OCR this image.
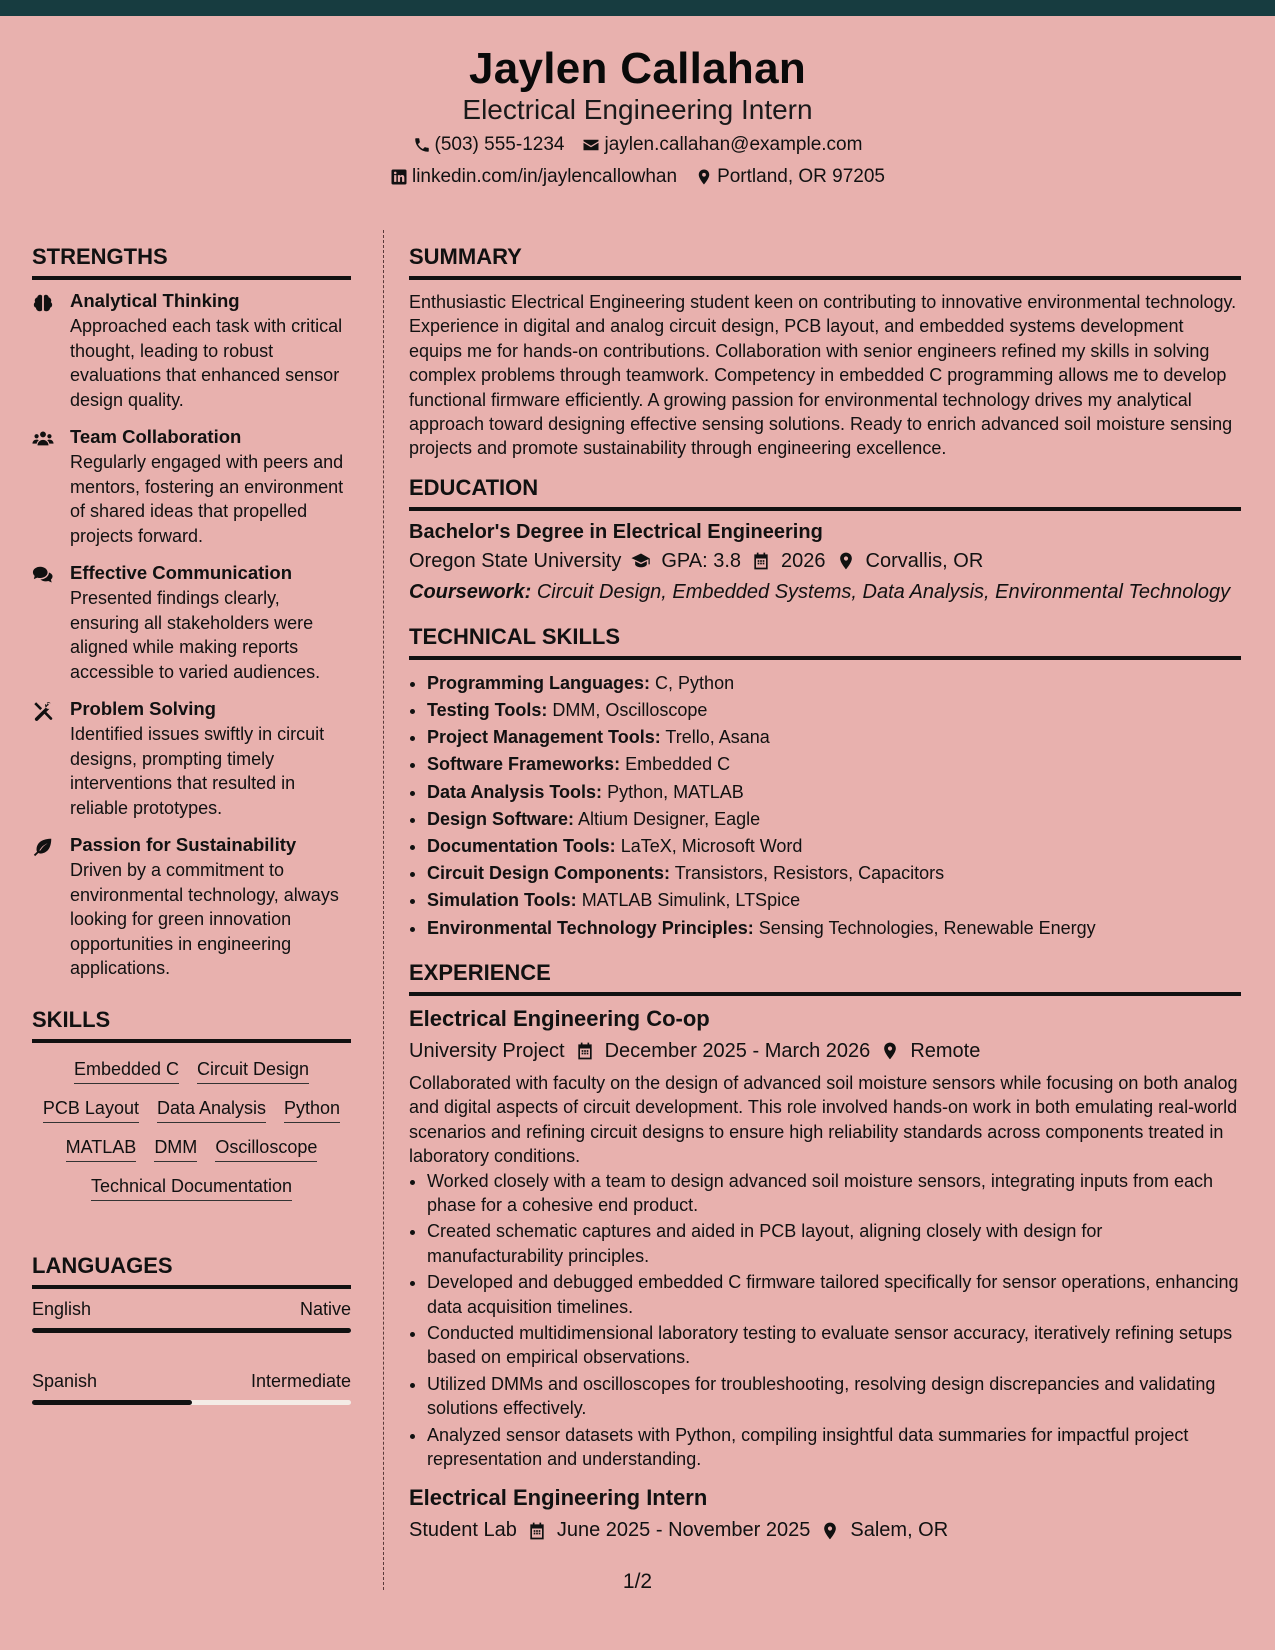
Jaylen Callahan
Electrical Engineering Intern
(503) 555-1234 jaylen.callahan@example.com
linkedin.com/in/jaylencallowhan Portland, OR 97205
STRENGTHS
Analytical Thinking
Approached each task with critical thought, leading to robust evaluations that enhanced sensor design quality.
Team Collaboration
Regularly engaged with peers and mentors, fostering an environment of shared ideas that propelled projects forward.
Effective Communication
Presented findings clearly, ensuring all stakeholders were aligned while making reports accessible to varied audiences.
Problem Solving
Identified issues swiftly in circuit designs, prompting timely interventions that resulted in reliable prototypes.
Passion for Sustainability
Driven by a commitment to environmental technology, always looking for green innovation opportunities in engineering applications.
SKILLS
Embedded C Circuit Design
PCB Layout Data Analysis Python
MATLAB DMM Oscilloscope
Technical Documentation
LANGUAGES
English	Native
Spanish	Intermediate
SUMMARY
Enthusiastic Electrical Engineering student keen on contributing to innovative environmental technology. Experience in digital and analog circuit design, PCB layout, and embedded systems development equips me for hands-on contributions. Collaboration with senior engineers refined my skills in solving complex problems through teamwork. Competency in embedded C programming allows me to develop functional firmware efficiently. A growing passion for environmental technology drives my analytical approach toward designing effective sensing solutions. Ready to enrich advanced soil moisture sensing projects and promote sustainability through engineering excellence.
EDUCATION
Bachelor's Degree in Electrical Engineering
Oregon State University GPA: 3.8 2026 Corvallis, OR
Coursework: Circuit Design, Embedded Systems, Data Analysis, Environmental Technology
TECHNICAL SKILLS
• Programming Languages: C, Python
• Testing Tools: DMM, Oscilloscope
• Project Management Tools: Trello, Asana
• Software Frameworks: Embedded C
• Data Analysis Tools: Python, MATLAB
• Design Software: Altium Designer, Eagle
• Documentation Tools: LaTeX, Microsoft Word
• Circuit Design Components: Transistors, Resistors, Capacitors
• Simulation Tools: MATLAB Simulink, LTSpice
• Environmental Technology Principles: Sensing Technologies, Renewable Energy
EXPERIENCE
Electrical Engineering Co-op
University Project December 2025 - March 2026 Remote
Collaborated with faculty on the design of advanced soil moisture sensors while focusing on both analog and digital aspects of circuit development. This role involved hands-on work in both emulating real-world scenarios and refining circuit designs to ensure high reliability standards across components treated in laboratory conditions.
• Worked closely with a team to design advanced soil moisture sensors, integrating inputs from each phase for a cohesive end product.
• Created schematic captures and aided in PCB layout, aligning closely with design for manufacturability principles.
• Developed and debugged embedded C firmware tailored specifically for sensor operations, enhancing data acquisition timelines.
• Conducted multidimensional laboratory testing to evaluate sensor accuracy, iteratively refining setups based on empirical observations.
• Utilized DMMs and oscilloscopes for troubleshooting, resolving design discrepancies and validating solutions effectively.
• Analyzed sensor datasets with Python, compiling insightful data summaries for impactful project representation and understanding.
Electrical Engineering Intern
Student Lab June 2025 - November 2025 Salem, OR
1/2
